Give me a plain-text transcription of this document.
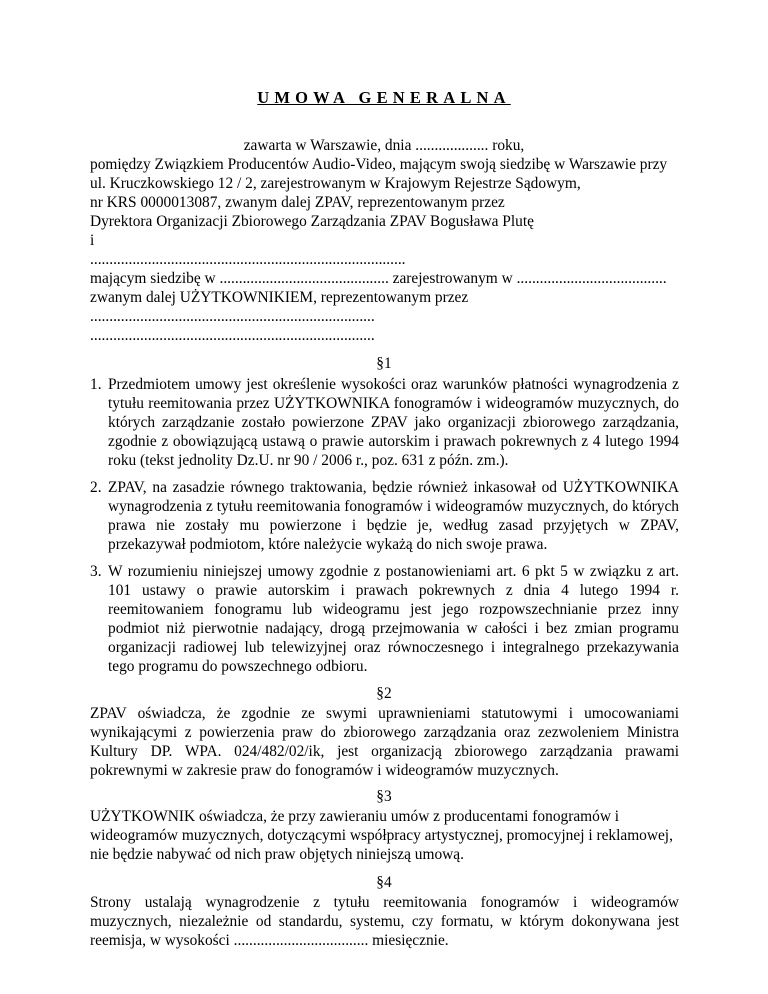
UMOWA GENERALNA
zawarta w Warszawie, dnia ................... roku,
pomiędzy Związkiem Producentów Audio-Video, mającym swoją siedzibę w Warszawie przy
ul. Kruczkowskiego 12 / 2, zarejestrowanym w Krajowym Rejestrze Sądowym,
nr KRS 0000013087, zwanym dalej ZPAV, reprezentowanym przez
Dyrektora Organizacji Zbiorowego Zarządzania ZPAV Bogusława Plutę
i
..................................................................................
mającym siedzibę w ............................................ zarejestrowanym w .......................................
zwanym dalej UŻYTKOWNIKIEM, reprezentowanym przez
..........................................................................
..........................................................................
§1
1. Przedmiotem umowy jest określenie wysokości oraz warunków płatności wynagrodzenia z tytułu reemitowania przez UŻYTKOWNIKA fonogramów i wideogramów muzycznych, do których zarządzanie zostało powierzone ZPAV jako organizacji zbiorowego zarządzania, zgodnie z obowiązującą ustawą o prawie autorskim i prawach pokrewnych z 4 lutego 1994 roku (tekst jednolity Dz.U. nr 90 / 2006 r., poz. 631 z późn. zm.).
2. ZPAV, na zasadzie równego traktowania, będzie również inkasował od UŻYTKOWNIKA wynagrodzenia z tytułu reemitowania fonogramów i wideogramów muzycznych, do których prawa nie zostały mu powierzone i będzie je, według zasad przyjętych w ZPAV, przekazywał podmiotom, które należycie wykażą do nich swoje prawa.
3. W rozumieniu niniejszej umowy zgodnie z postanowieniami art. 6 pkt 5 w związku z art. 101 ustawy o prawie autorskim i prawach pokrewnych z dnia 4 lutego 1994 r. reemitowaniem fonogramu lub wideogramu jest jego rozpowszechnianie przez inny podmiot niż pierwotnie nadający, drogą przejmowania w całości i bez zmian programu organizacji radiowej lub telewizyjnej oraz równoczesnego i integralnego przekazywania tego programu do powszechnego odbioru.
§2
ZPAV oświadcza, że zgodnie ze swymi uprawnieniami statutowymi i umocowaniami wynikającymi z powierzenia praw do zbiorowego zarządzania oraz zezwoleniem Ministra Kultury DP. WPA. 024/482/02/ik, jest organizacją zbiorowego zarządzania prawami pokrewnymi w zakresie praw do fonogramów i wideogramów muzycznych.
§3
UŻYTKOWNIK oświadcza, że przy zawieraniu umów z producentami fonogramów i
wideogramów muzycznych, dotyczącymi współpracy artystycznej, promocyjnej i reklamowej,
nie będzie nabywać od nich praw objętych niniejszą umową.
§4
Strony ustalają wynagrodzenie z tytułu reemitowania fonogramów i wideogramów muzycznych, niezależnie od standardu, systemu, czy formatu, w którym dokonywana jest reemisja, w wysokości ................................... miesięcznie.
